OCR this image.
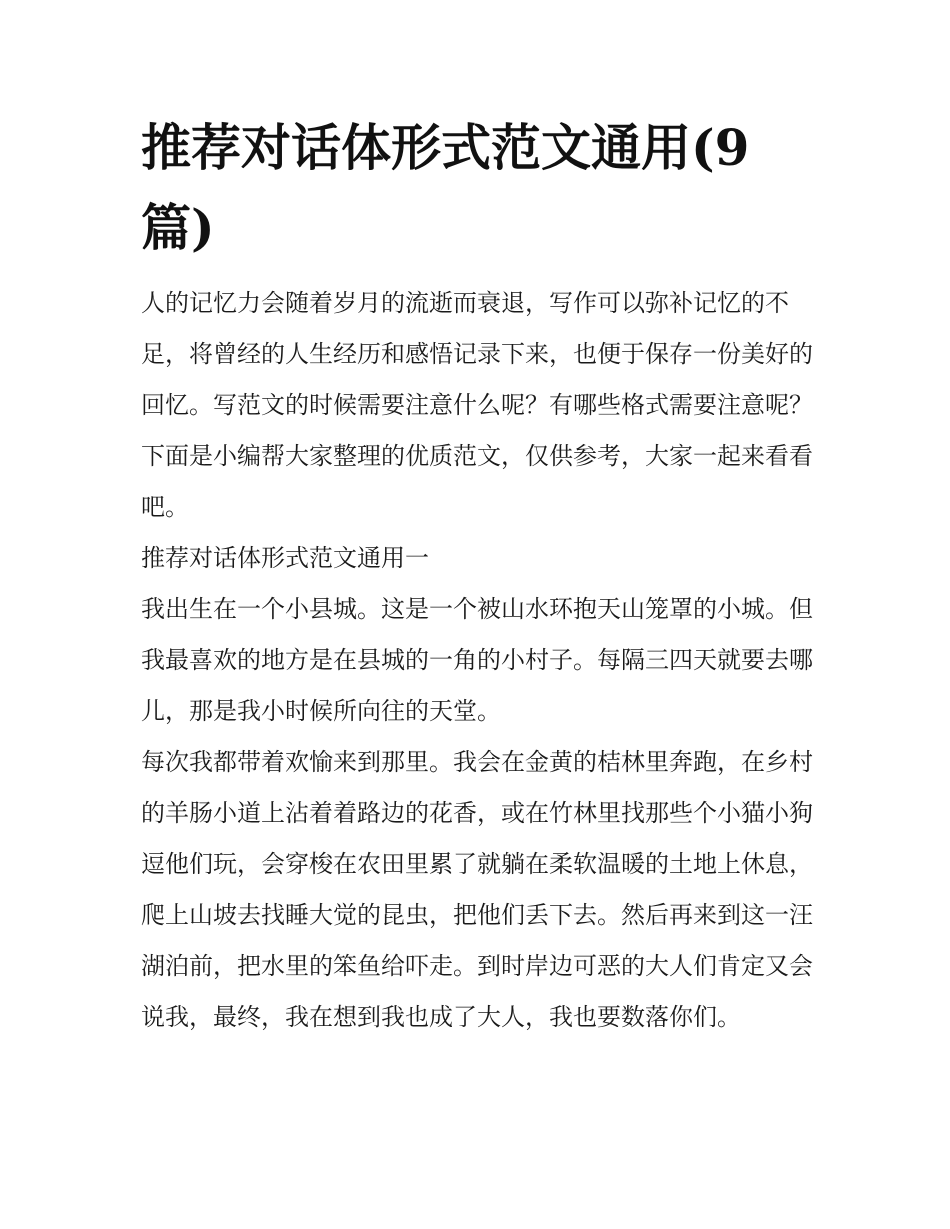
推荐对话体形式范文通用(9篇)

人的记忆力会随着岁月的流逝而衰退，写作可以弥补记忆的不足，将曾经的人生经历和感悟记录下来，也便于保存一份美好的回忆。写范文的时候需要注意什么呢？有哪些格式需要注意呢？下面是小编帮大家整理的优质范文，仅供参考，大家一起来看看吧。

推荐对话体形式范文通用一

我出生在一个小县城。这是一个被山水环抱天山笼罩的小城。但我最喜欢的地方是在县城的一角的小村子。每隔三四天就要去哪儿，那是我小时候所向往的天堂。

每次我都带着欢愉来到那里。我会在金黄的桔林里奔跑，在乡村的羊肠小道上沾着着路边的花香，或在竹林里找那些个小猫小狗逗他们玩，会穿梭在农田里累了就躺在柔软温暖的土地上休息，爬上山坡去找睡大觉的昆虫，把他们丢下去。然后再来到这一汪湖泊前，把水里的笨鱼给吓走。到时岸边可恶的大人们肯定又会说我，最终，我在想到我也成了大人，我也要数落你们。
